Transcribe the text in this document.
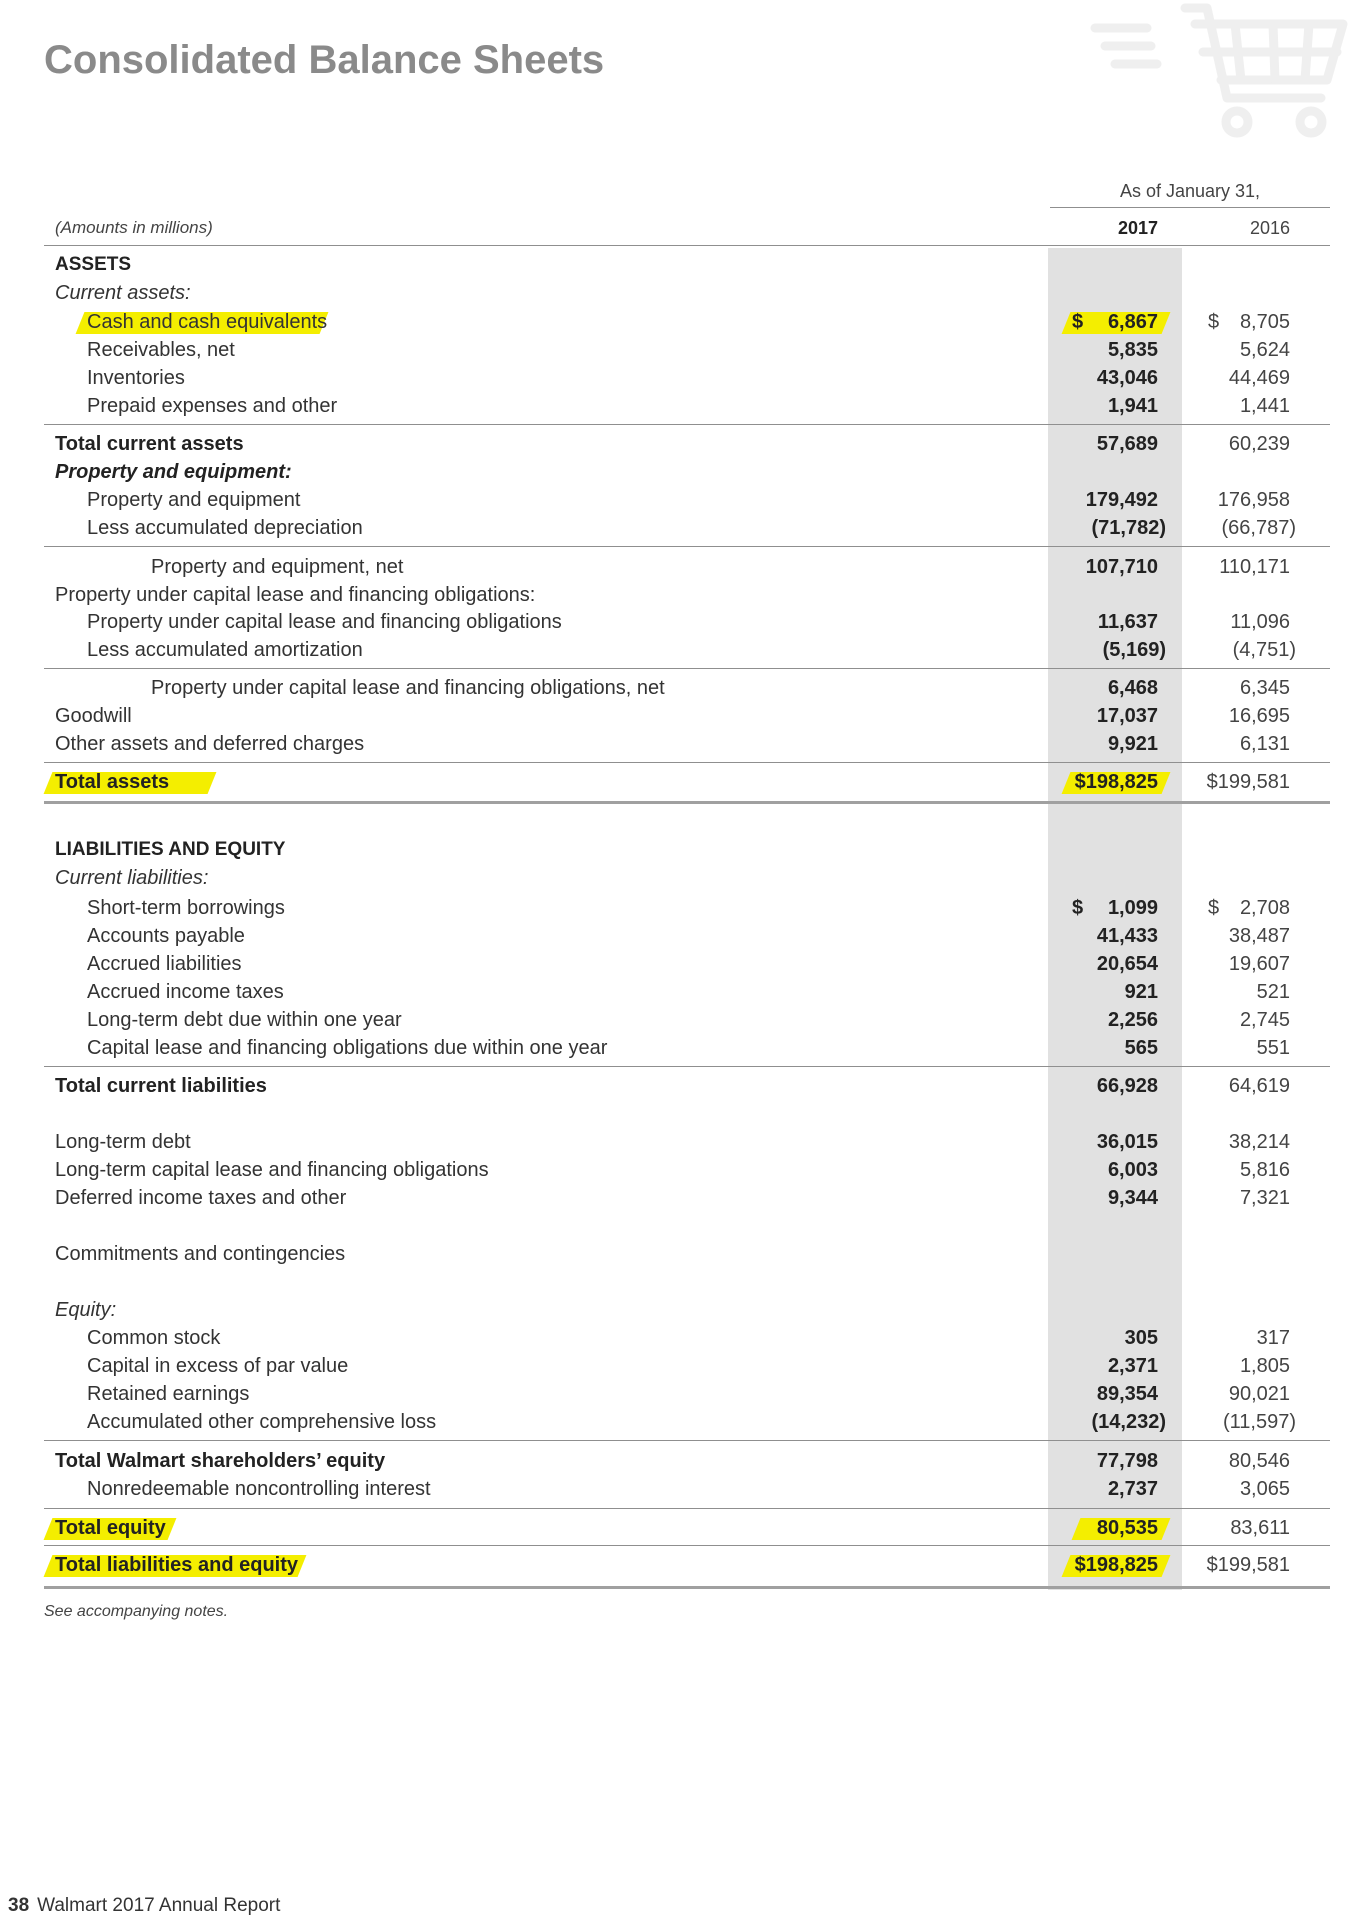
Consolidated Balance Sheets
As of January 31,
(Amounts in millions)	2017	2016
ASSETS
Current assets:
Cash and cash equivalents	$	6,867	$	8,705
Receivables, net	5,835	5,624
Inventories	43,046	44,469
Prepaid expenses and other	1,941	1,441
Total current assets	57,689	60,239
Property and equipment:
Property and equipment	179,492	176,958
Less accumulated depreciation	(71,782)	(66,787)
Property and equipment, net	107,710	110,171
Property under capital lease and financing obligations:
Property under capital lease and financing obligations	11,637	11,096
Less accumulated amortization	(5,169)	(4,751)
Property under capital lease and financing obligations, net	6,468	6,345
Goodwill	17,037	16,695
Other assets and deferred charges	9,921	6,131
Total assets	$198,825	$199,581
LIABILITIES AND EQUITY
Current liabilities:
Short-term borrowings	$	1,099	$	2,708
Accounts payable	41,433	38,487
Accrued liabilities	20,654	19,607
Accrued income taxes	921	521
Long-term debt due within one year	2,256	2,745
Capital lease and financing obligations due within one year	565	551
Total current liabilities	66,928	64,619
Long-term debt	36,015	38,214
Long-term capital lease and financing obligations	6,003	5,816
Deferred income taxes and other	9,344	7,321
Commitments and contingencies
Equity:
Common stock	305	317
Capital in excess of par value	2,371	1,805
Retained earnings	89,354	90,021
Accumulated other comprehensive loss	(14,232)	(11,597)
Total Walmart shareholders’ equity	77,798	80,546
Nonredeemable noncontrolling interest	2,737	3,065
Total equity	80,535	83,611
Total liabilities and equity	$198,825	$199,581
See accompanying notes.
38 Walmart 2017 Annual Report
